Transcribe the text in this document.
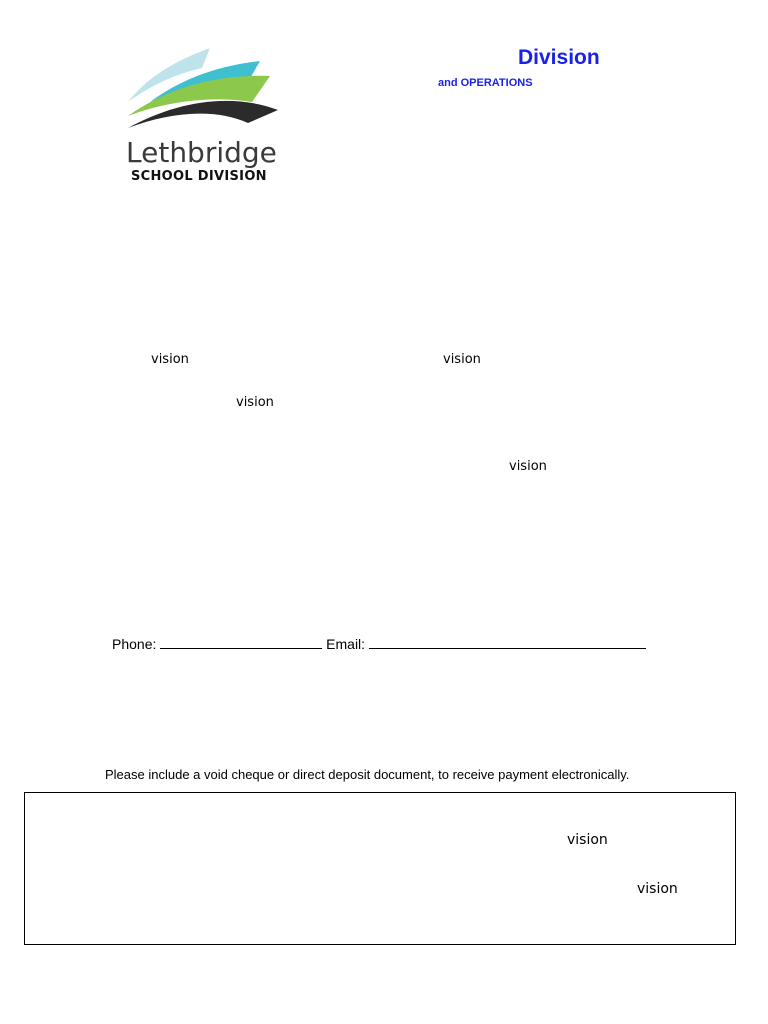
Lethbridge
SCHOOL DIVISION
Division
and OPERATIONS
vision	vision
vision
vision
Phone:	Email:
Please include a void cheque or direct deposit document, to receive payment electronically.
vision
vision
